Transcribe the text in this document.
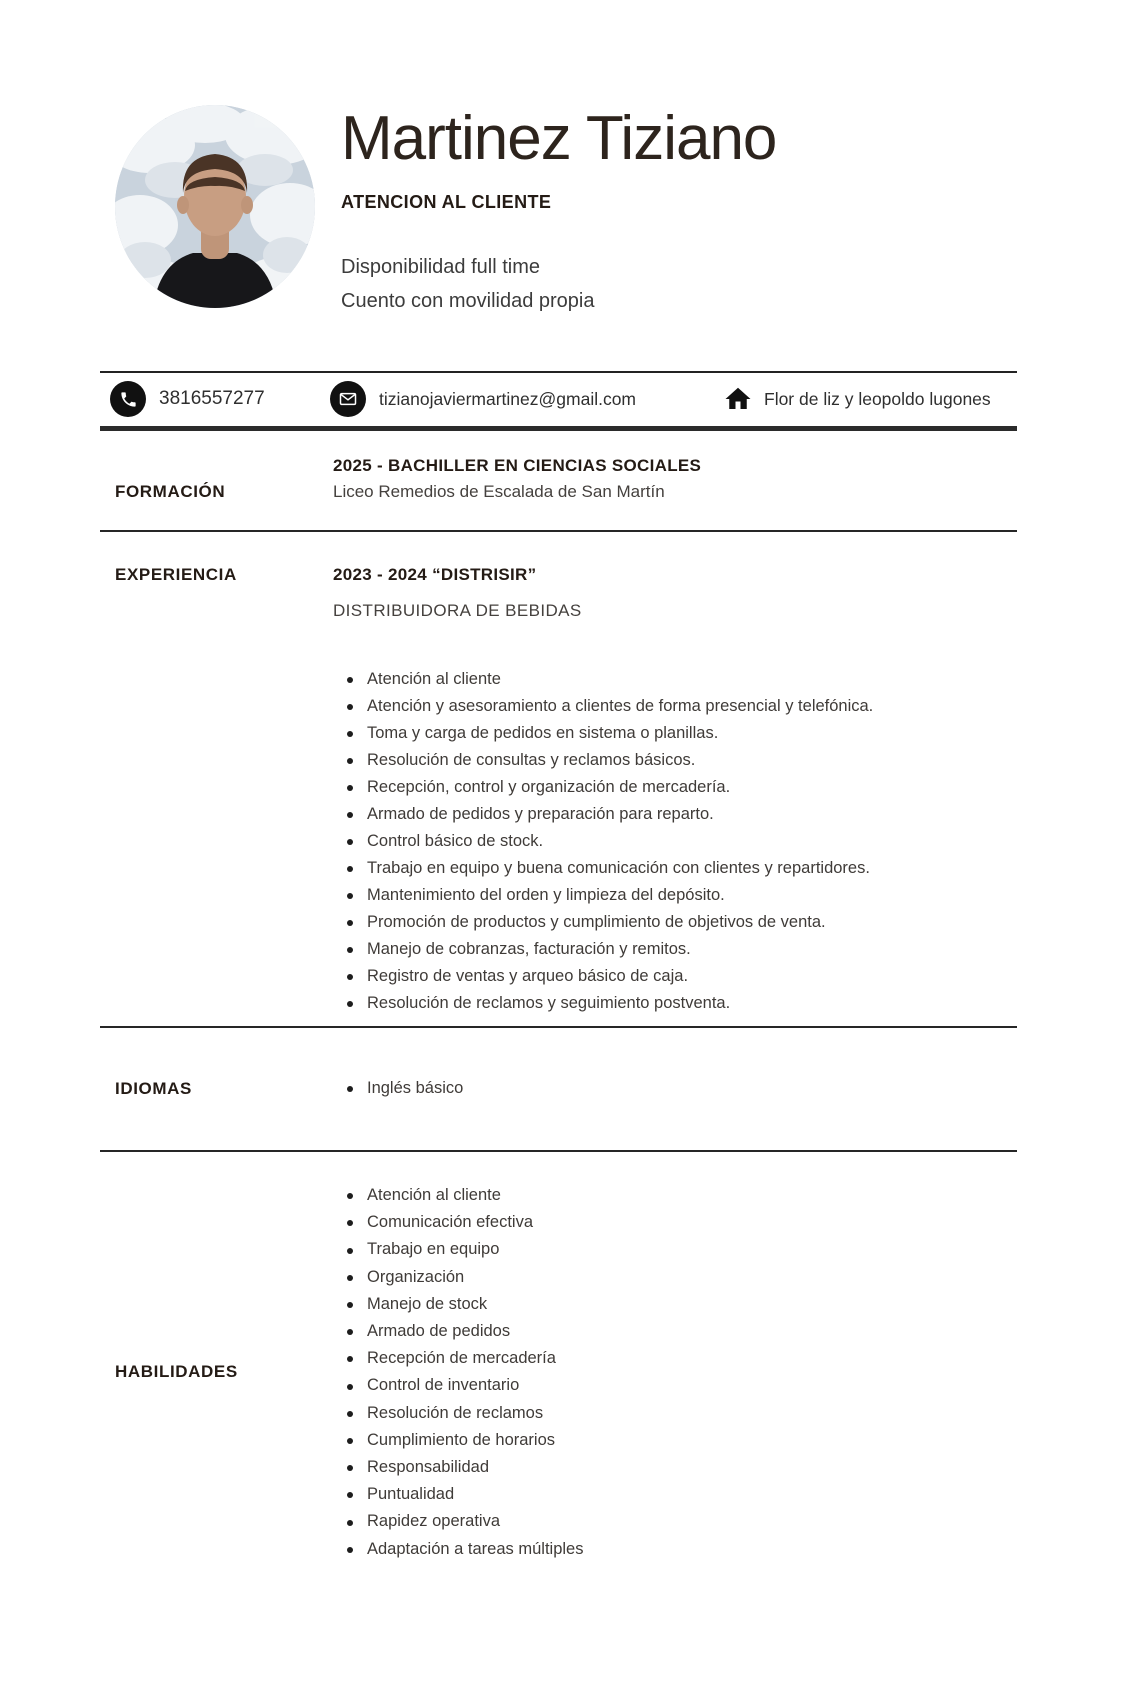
Martinez Tiziano
ATENCION AL CLIENTE
Disponibilidad full time
Cuento con movilidad propia
3816557277	tizianojaviermartinez@gmail.com	Flor de liz y leopoldo lugones
FORMACIÓN
2025 - BACHILLER EN CIENCIAS SOCIALES
Liceo Remedios de Escalada de San Martín
EXPERIENCIA	2023 - 2024 “DISTRISIR”
DISTRIBUIDORA DE BEBIDAS
Atención al cliente
Atención y asesoramiento a clientes de forma presencial y telefónica.
Toma y carga de pedidos en sistema o planillas.
Resolución de consultas y reclamos básicos.
Recepción, control y organización de mercadería.
Armado de pedidos y preparación para reparto.
Control básico de stock.
Trabajo en equipo y buena comunicación con clientes y repartidores.
Mantenimiento del orden y limpieza del depósito.
Promoción de productos y cumplimiento de objetivos de venta.
Manejo de cobranzas, facturación y remitos.
Registro de ventas y arqueo básico de caja.
Resolución de reclamos y seguimiento postventa.
IDIOMAS	Inglés básico
HABILIDADES
Atención al cliente
Comunicación efectiva
Trabajo en equipo
Organización
Manejo de stock
Armado de pedidos
Recepción de mercadería
Control de inventario
Resolución de reclamos
Cumplimiento de horarios
Responsabilidad
Puntualidad
Rapidez operativa
Adaptación a tareas múltiples
